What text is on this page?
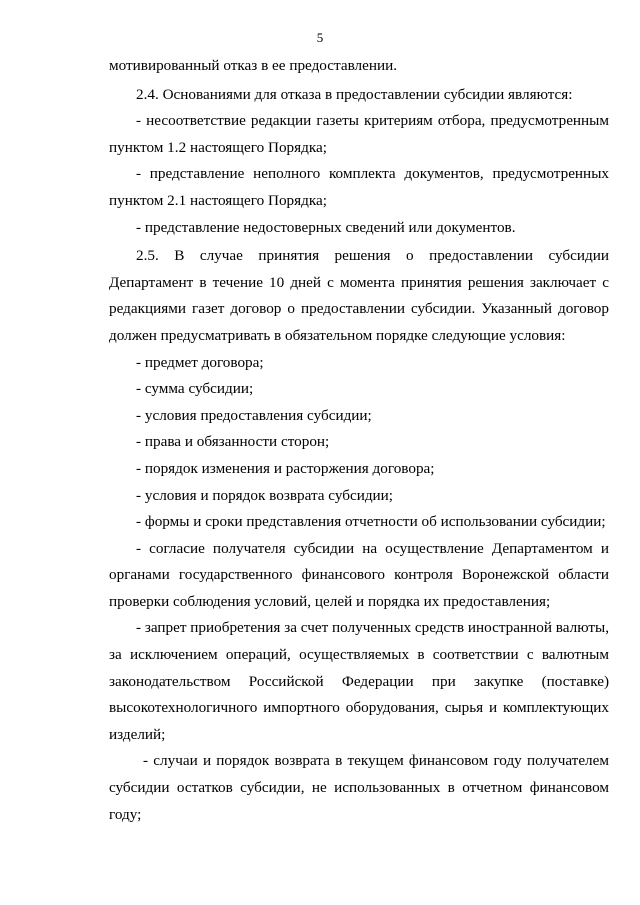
5

мотивированный отказ в ее предоставлении.

2.4. Основаниями для отказа в предоставлении субсидии являются:

- несоответствие редакции газеты критериям отбора, предусмотренным пунктом 1.2 настоящего Порядка;

- представление неполного комплекта документов, предусмотренных пунктом 2.1 настоящего Порядка;

- представление недостоверных сведений или документов.

2.5. В случае принятия решения о предоставлении субсидии Департамент в течение 10 дней с момента принятия решения заключает с редакциями газет договор о предоставлении субсидии. Указанный договор должен предусматривать в обязательном порядке следующие условия:

- предмет договора;

- сумма субсидии;

- условия предоставления субсидии;

- права и обязанности сторон;

- порядок изменения и расторжения договора;

- условия и порядок возврата субсидии;

- формы и сроки представления отчетности об использовании субсидии;

- согласие получателя субсидии на осуществление Департаментом и органами государственного финансового контроля Воронежской области проверки соблюдения условий, целей и порядка их предоставления;

- запрет приобретения за счет полученных средств иностранной валюты, за исключением операций, осуществляемых в соответствии с валютным законодательством Российской Федерации при закупке (поставке) высокотехнологичного импортного оборудования, сырья и комплектующих изделий;

- случаи и порядок возврата в текущем финансовом году получателем субсидии остатков субсидии, не использованных в отчетном финансовом году;
